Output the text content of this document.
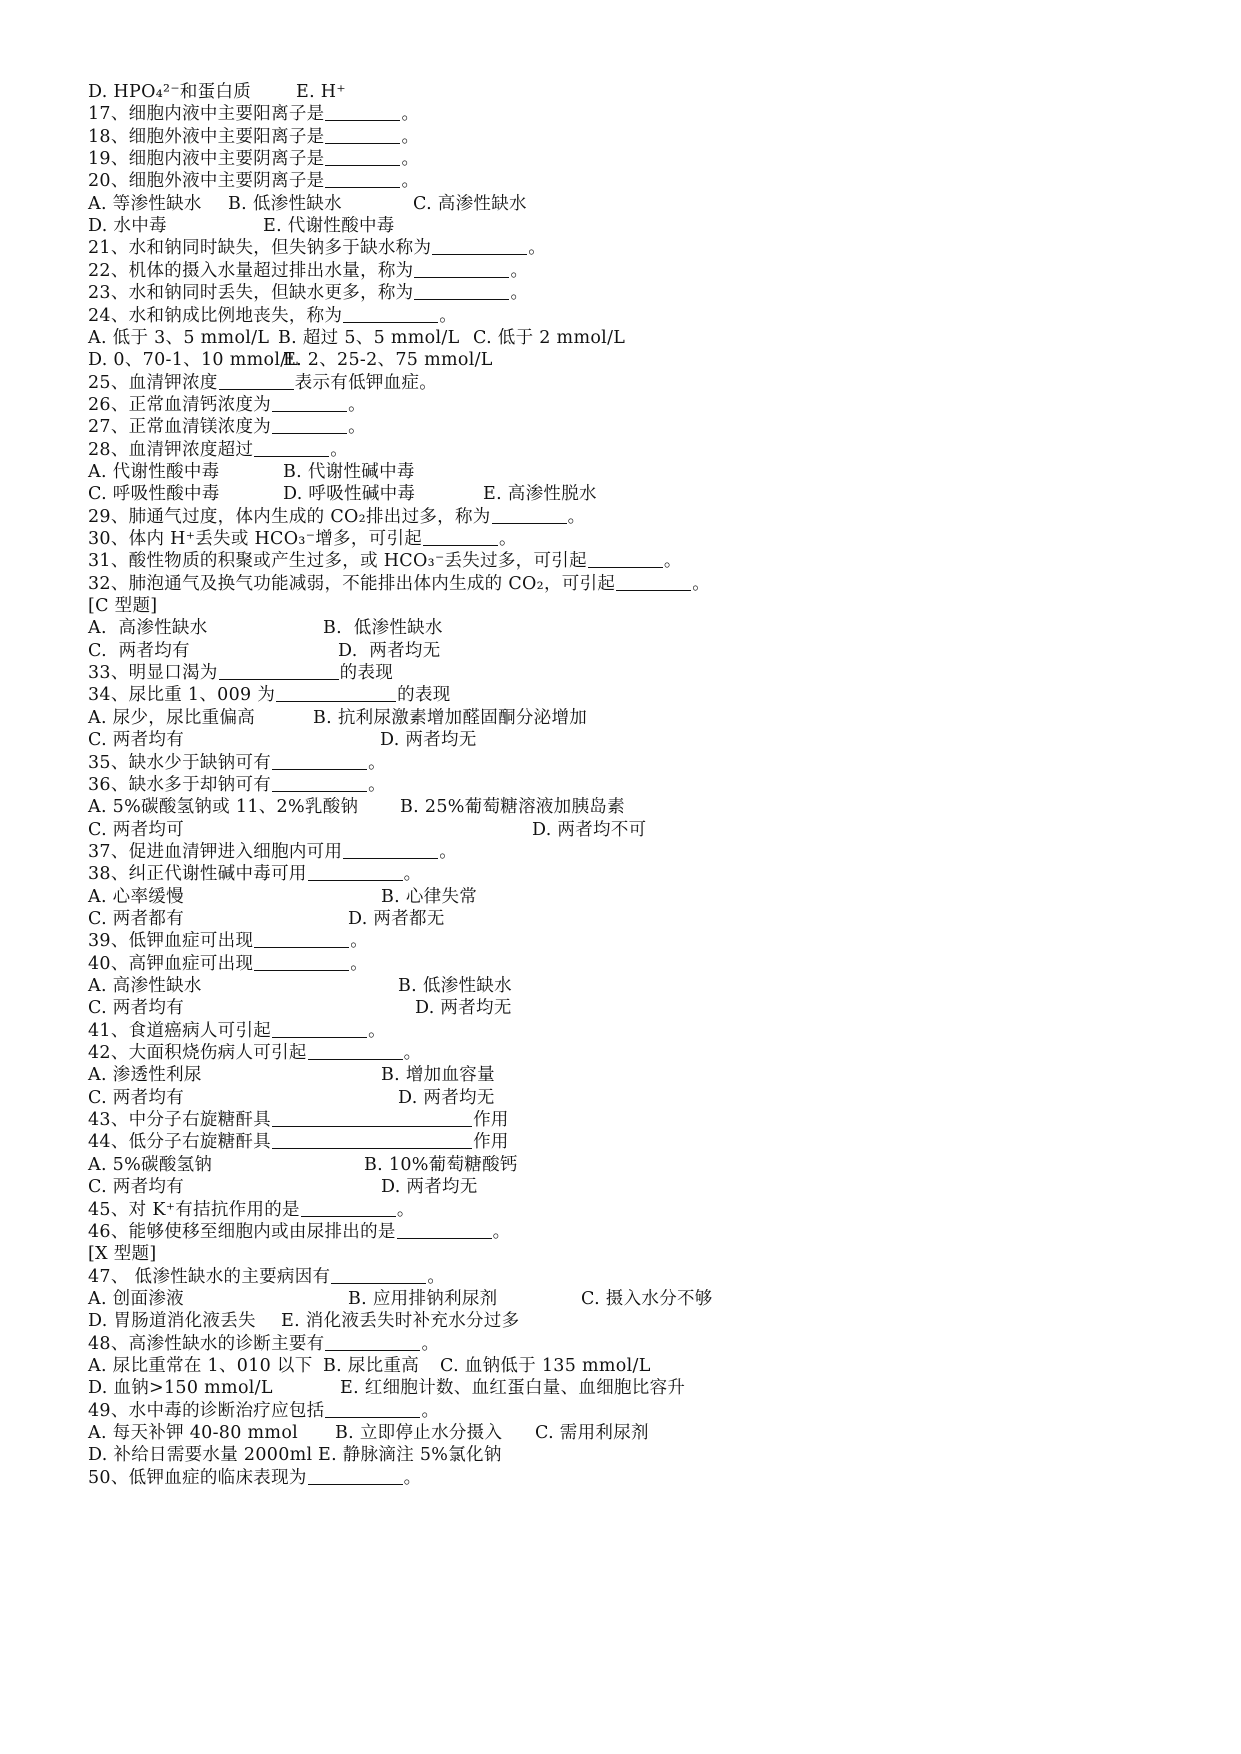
D. HPO₄²⁻和蛋白质	E. H⁺
17、细胞内液中主要阳离子是	。
18、细胞外液中主要阳离子是	。
19、细胞内液中主要阴离子是	。
20、细胞外液中主要阴离子是	。
A. 等渗性缺水 B. 低渗性缺水	C. 高渗性缺水
D. 水中毒	E. 代谢性酸中毒
21、水和钠同时缺失，但失钠多于缺水称为	。
22、机体的摄入水量超过排出水量，称为	。
23、水和钠同时丢失，但缺水更多，称为	。
24、水和钠成比例地丧失，称为	。
A. 低于 3、5 mmol/L B. 超过 5、5 mmol/L C. 低于 2 mmol/L
D. 0、70-1、10 mmol/L
E. 2、25-2、75 mmol/L
25、血清钾浓度	表示有低钾血症。
26、正常血清钙浓度为	。
27、正常血清镁浓度为	。
28、血清钾浓度超过	。
A. 代谢性酸中毒	B. 代谢性碱中毒
C. 呼吸性酸中毒	D. 呼吸性碱中毒	E. 高渗性脱水
29、肺通气过度，体内生成的 CO₂排出过多，称为	。
30、体内 H⁺丢失或 HCO₃⁻增多，可引起	。
31、酸性物质的积聚或产生过多，或 HCO₃⁻丢失过多，可引起	。
32、肺泡通气及换气功能减弱，不能排出体内生成的 CO₂，可引起	。
[C 型题]
A.  高渗性缺水	B.  低渗性缺水
C.  两者均有	D.  两者均无
33、明显口渴为	的表现
34、尿比重 1、009 为	的表现
A. 尿少，尿比重偏高	B. 抗利尿激素增加醛固酮分泌增加
C. 两者均有	D. 两者均无
35、缺水少于缺钠可有	。
36、缺水多于却钠可有	。
A. 5%碳酸氢钠或 11、2%乳酸钠 B. 25%葡萄糖溶液加胰岛素
C. 两者均可	D. 两者均不可
37、促进血清钾进入细胞内可用	。
38、纠正代谢性碱中毒可用	。
A. 心率缓慢	B. 心律失常
C. 两者都有	D. 两者都无
39、低钾血症可出现	。
40、高钾血症可出现	。
A. 高渗性缺水	B. 低渗性缺水
C. 两者均有	D. 两者均无
41、食道癌病人可引起	。
42、大面积烧伤病人可引起	。
A. 渗透性利尿	B. 增加血容量
C. 两者均有	D. 两者均无
43、中分子右旋糖酐具	作用
44、低分子右旋糖酐具	作用
A. 5%碳酸氢钠	B. 10%葡萄糖酸钙
C. 两者均有	D. 两者均无
45、对 K⁺有拮抗作用的是	。
46、能够使移至细胞内或由尿排出的是	。
[X 型题]
47、 低渗性缺水的主要病因有	。
A. 创面渗液	B. 应用排钠利尿剂	C. 摄入水分不够
D. 胃肠道消化液丢失 E. 消化液丢失时补充水分过多
48、高渗性缺水的诊断主要有	。
A. 尿比重常在 1、010 以下 B. 尿比重高 C. 血钠低于 135 mmol/L
D. 血钠>150 mmol/L	E. 红细胞计数、血红蛋白量、血细胞比容升
49、水中毒的诊断治疗应包括	。
A. 每天补钾 40-80 mmol B. 立即停止水分摄入 C. 需用利尿剂
D. 补给日需要水量 2000ml E. 静脉滴注 5%氯化钠
50、低钾血症的临床表现为	。
